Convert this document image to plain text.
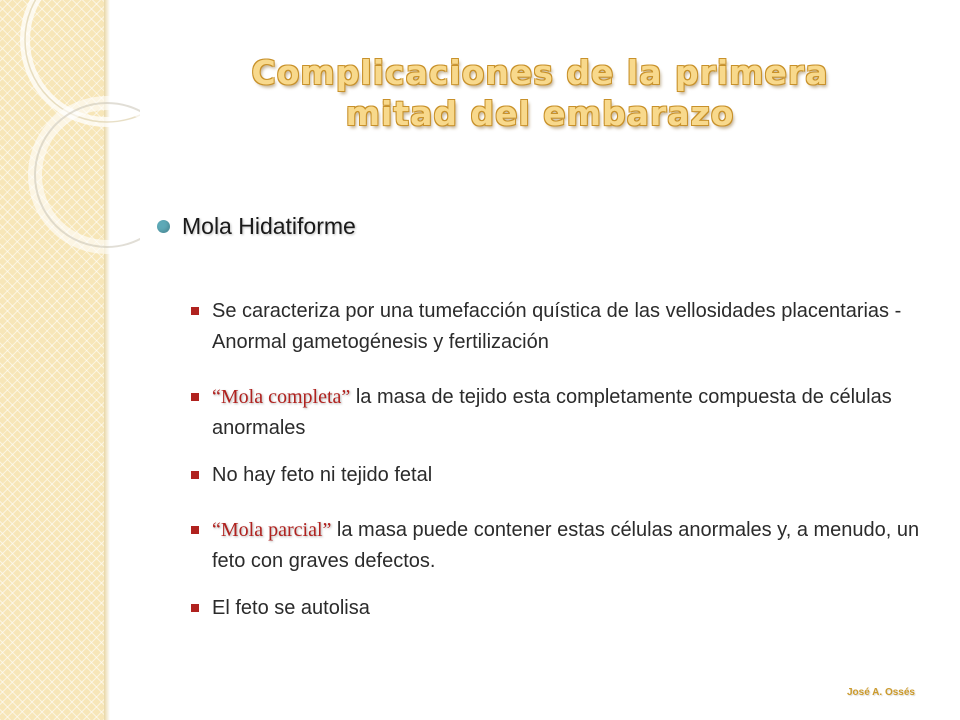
Complicaciones de la primera
mitad del embarazo
Mola Hidatiforme
Se caracteriza por una tumefacción quística de las vellosidades placentarias - Anormal gametogénesis y fertilización
“Mola completa” la masa de tejido esta completamente compuesta de células anormales
No hay feto ni tejido fetal
“Mola parcial” la masa puede contener estas células anormales y, a menudo, un feto con graves defectos.
El feto se autolisa
José A. Ossés
